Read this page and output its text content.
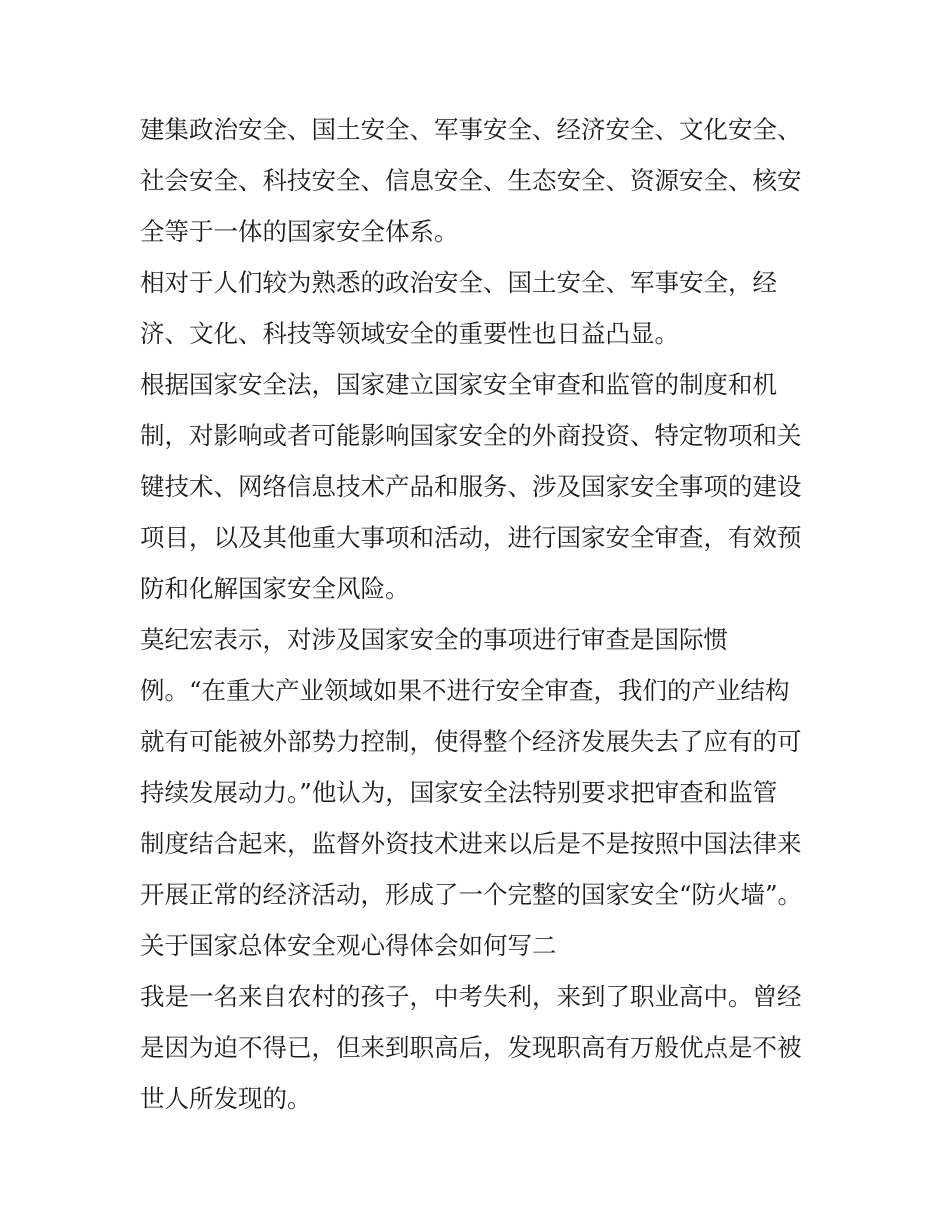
建集政治安全、国土安全、军事安全、经济安全、文化安全、

社会安全、科技安全、信息安全、生态安全、资源安全、核安

全等于一体的国家安全体系。

相对于人们较为熟悉的政治安全、国土安全、军事安全，经

济、文化、科技等领域安全的重要性也日益凸显。

根据国家安全法，国家建立国家安全审查和监管的制度和机

制，对影响或者可能影响国家安全的外商投资、特定物项和关

键技术、网络信息技术产品和服务、涉及国家安全事项的建设

项目，以及其他重大事项和活动，进行国家安全审查，有效预

防和化解国家安全风险。

莫纪宏表示，对涉及国家安全的事项进行审查是国际惯

例。“在重大产业领域如果不进行安全审查，我们的产业结构

就有可能被外部势力控制，使得整个经济发展失去了应有的可

持续发展动力。”他认为，国家安全法特别要求把审查和监管

制度结合起来，监督外资技术进来以后是不是按照中国法律来

开展正常的经济活动，形成了一个完整的国家安全“防火墙”。

关于国家总体安全观心得体会如何写二

我是一名来自农村的孩子，中考失利，来到了职业高中。曾经

是因为迫不得已，但来到职高后，发现职高有万般优点是不被

世人所发现的。
